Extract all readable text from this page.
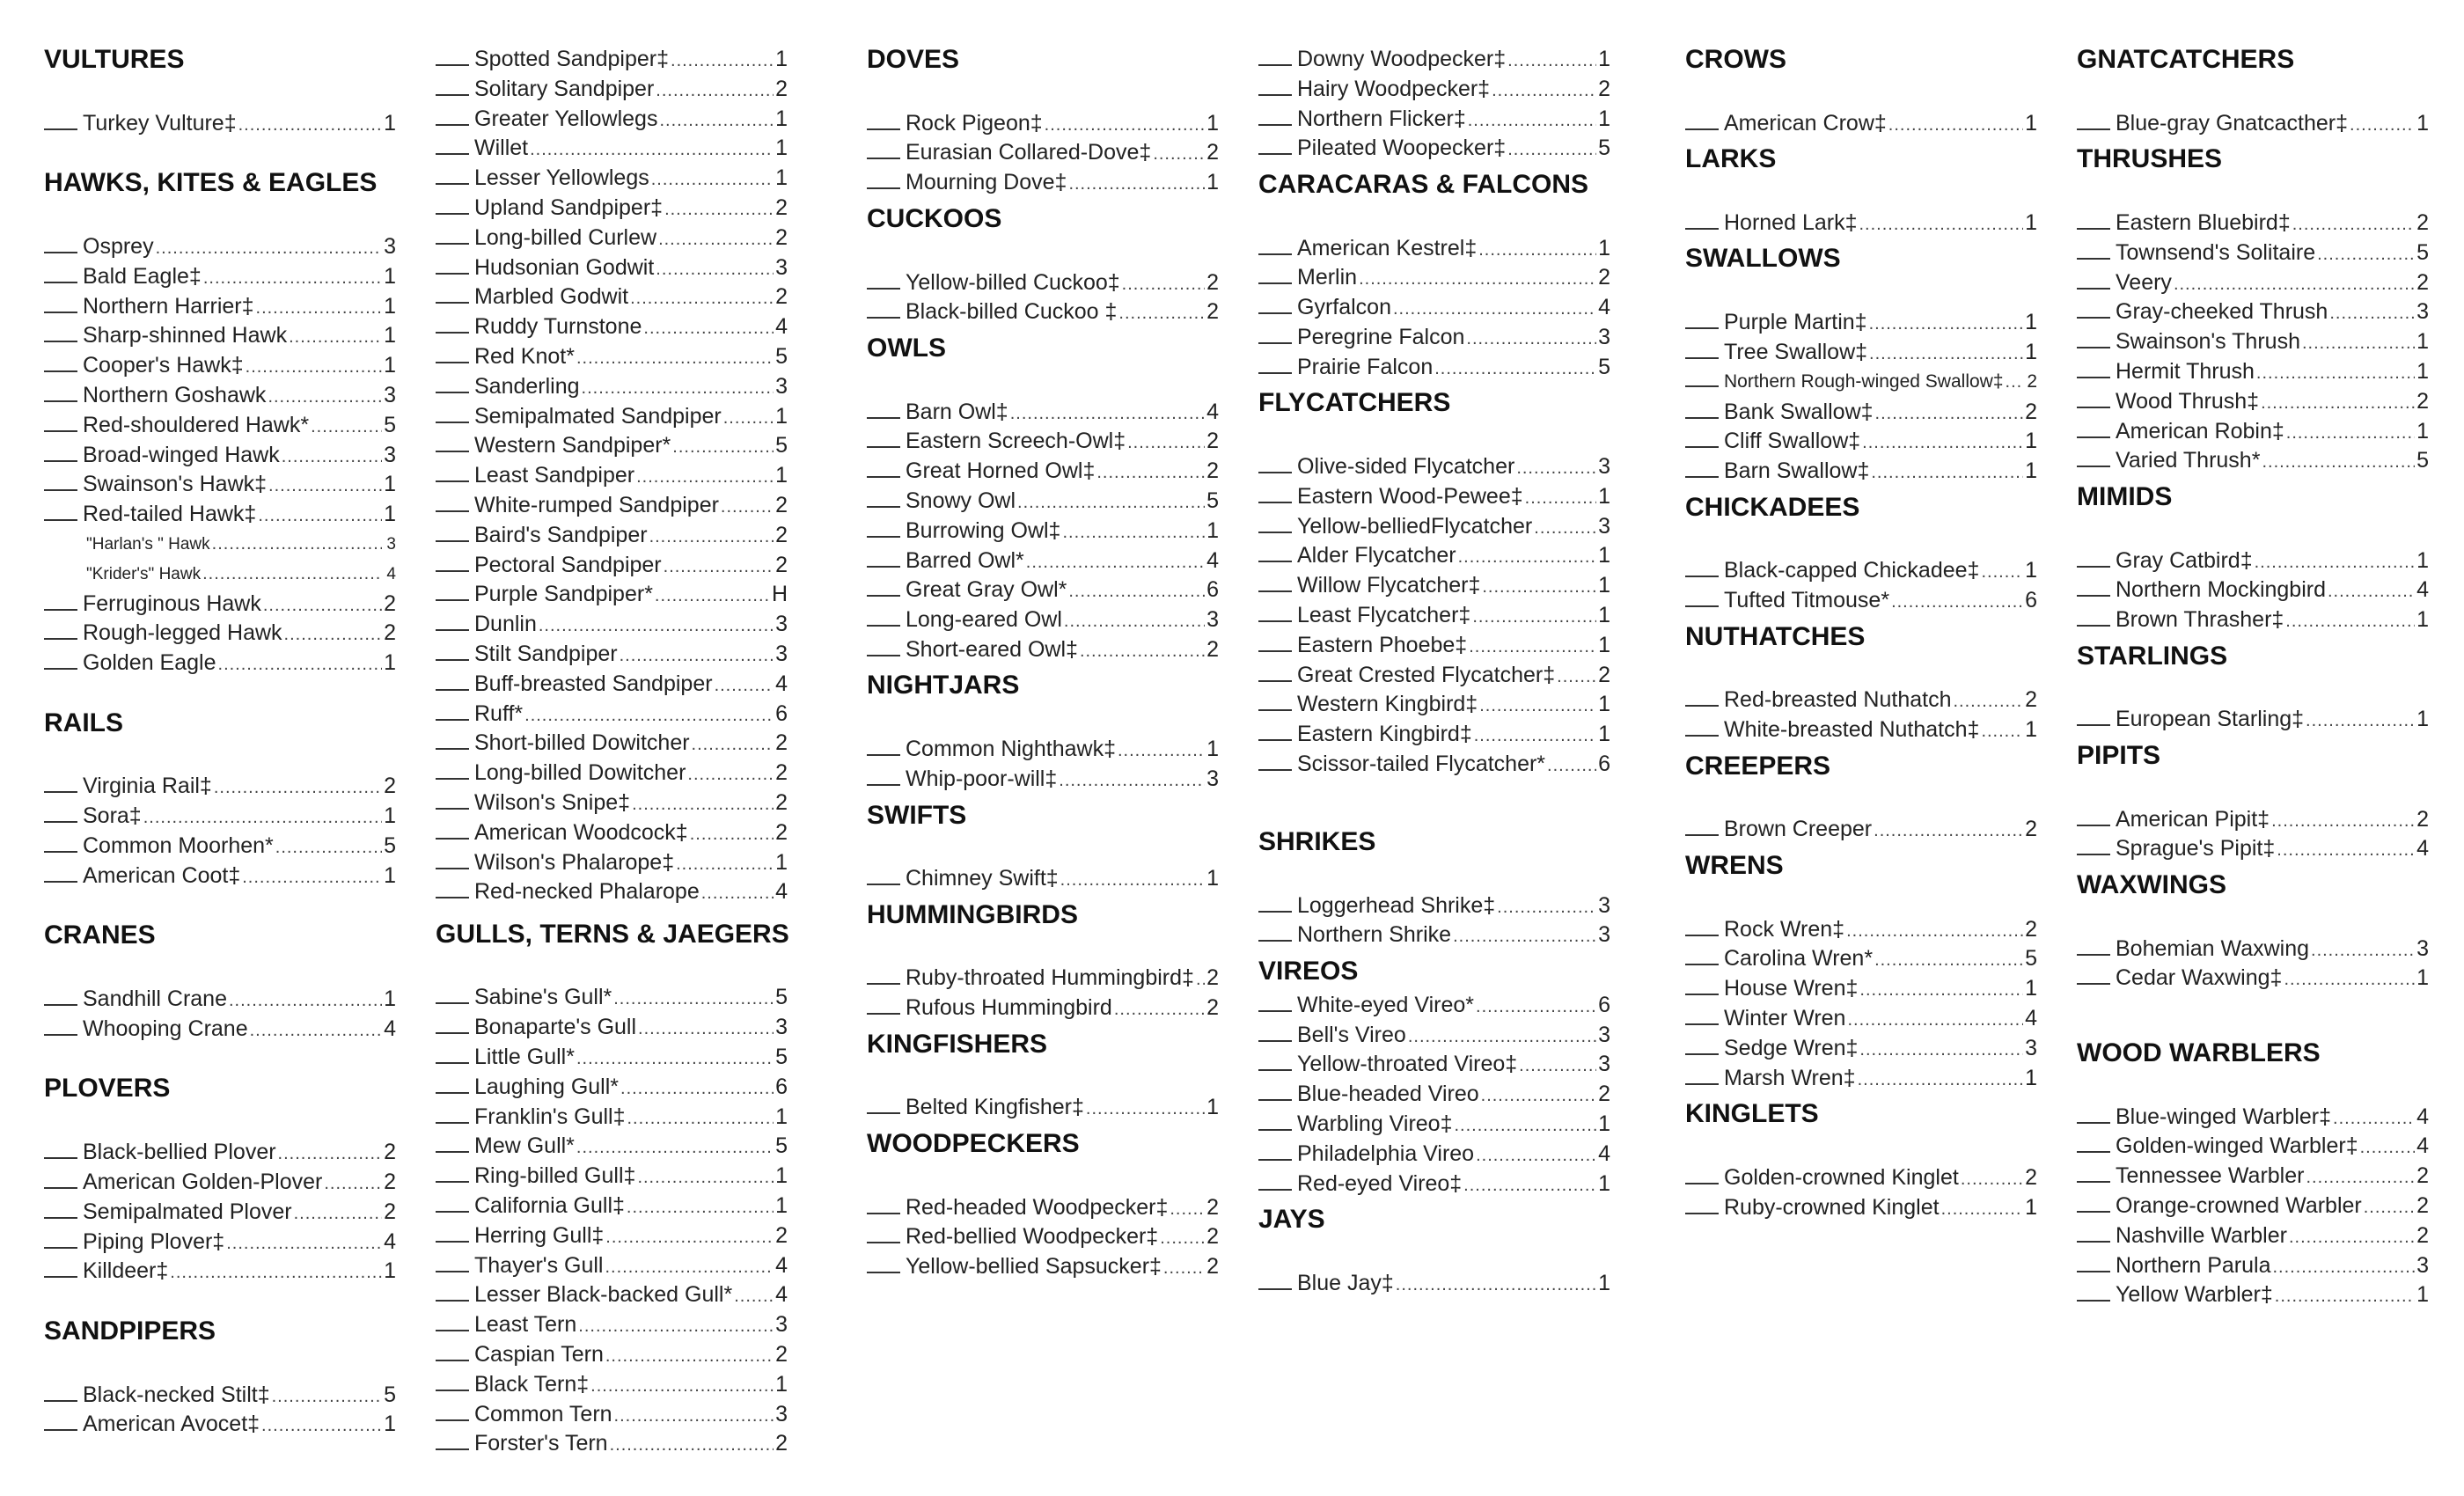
VULTURES
Turkey Vulture‡ .....	1
HAWKS, KITES & EAGLES
Osprey .....	3
Bald Eagle‡ .....	1
Northern Harrier‡ .....	1
Sharp-shinned Hawk .....	1
Cooper's Hawk‡ .....	1
Northern Goshawk .....	3
Red-shouldered Hawk* .....	5
Broad-winged Hawk .....	3
Swainson's Hawk‡ .....	1
Red-tailed Hawk‡ .....	1
"Harlan's " Hawk .....	3
"Krider's" Hawk .....	4
Ferruginous Hawk .....	2
Rough-legged Hawk .....	2
Golden Eagle .....	1
RAILS
Virginia Rail‡ .....	2
Sora‡ .....	1
Common Moorhen* .....	5
American Coot‡ .....	1
CRANES
Sandhill Crane .....	1
Whooping Crane .....	4
PLOVERS
Black-bellied Plover .....	2
American Golden-Plover .....	2
Semipalmated Plover .....	2
Piping Plover‡ .....	4
Killdeer‡ .....	1
SANDPIPERS
Black-necked Stilt‡ .....	5
American Avocet‡ .....	1
Spotted Sandpiper‡ .....	1
Solitary Sandpiper .....	2
Greater Yellowlegs .....	1
Willet .....	1
Lesser Yellowlegs .....	1
Upland Sandpiper‡ .....	2
Long-billed Curlew .....	2
Hudsonian Godwit .....	3
Marbled Godwit .....	2
Ruddy Turnstone .....	4
Red Knot* .....	5
Sanderling .....	3
Semipalmated Sandpiper ..... 1
Western Sandpiper* .....	5
Least Sandpiper .....	1
White-rumped Sandpiper .....	2
Baird's Sandpiper .....	2
Pectoral Sandpiper .....	2
Purple Sandpiper* .....	H
Dunlin .....	3
Stilt Sandpiper .....	3
Buff-breasted Sandpiper .....	4
Ruff* .....	6
Short-billed Dowitcher .....	2
Long-billed Dowitcher .....	2
Wilson's Snipe‡ .....	2
American Woodcock‡ .....	2
Wilson's Phalarope‡ .....	1
Red-necked Phalarope .....	4
GULLS, TERNS & JAEGERS
Sabine's Gull* .....	5
Bonaparte's Gull .....	3
Little Gull* .....	5
Laughing Gull* .....	6
Franklin's Gull‡ .....	1
Mew Gull* .....	5
Ring-billed Gull‡ .....	1
California Gull‡ .....	1
Herring Gull‡ .....	2
Thayer's Gull .....	4
Lesser Black-backed Gull* ..... 4
Least Tern .....	3
Caspian Tern .....	2
Black Tern‡ .....	1
Common Tern .....	3
Forster's Tern .....	2
DOVES
Rock Pigeon‡ .....	1
Eurasian Collared-Dove‡ .....	2
Mourning Dove‡ .....	1
CUCKOOS
Yellow-billed Cuckoo‡ .....	2
Black-billed Cuckoo ‡ .....	2
OWLS
Barn Owl‡ .....	4
Eastern Screech-Owl‡ .....	2
Great Horned Owl‡ .....	2
Snowy Owl .....	5
Burrowing Owl‡ .....	1
Barred Owl* .....	4
Great Gray Owl* .....	6
Long-eared Owl .....	3
Short-eared Owl‡ .....	2
NIGHTJARS
Common Nighthawk‡ .....	1
Whip-poor-will‡ .....	3
SWIFTS
Chimney Swift‡ .....	1
HUMMINGBIRDS
Ruby-throated Hummingbird‡ ..... 2
Rufous Hummingbird .....	2
KINGFISHERS
Belted Kingfisher‡ .....	1
WOODPECKERS
Red-headed Woodpecker‡ ..... 2
Red-bellied Woodpecker‡ ..... 2
Yellow-bellied Sapsucker‡ ..... 2
Downy Woodpecker‡ .....	1
Hairy Woodpecker‡ .....	2
Northern Flicker‡ .....	1
Pileated Woopecker‡ .....	5
CARACARAS & FALCONS
American Kestrel‡ .....	1
Merlin .....	2
Gyrfalcon .....	4
Peregrine Falcon .....	3
Prairie Falcon .....	5
FLYCATCHERS
Olive-sided Flycatcher .....	3
Eastern Wood-Pewee‡ .....	1
Yellow-belliedFlycatcher .....	3
Alder Flycatcher .....	1
Willow Flycatcher‡ .....	1
Least Flycatcher‡ .....	1
Eastern Phoebe‡ .....	1
Great Crested Flycatcher‡ ..... 2
Western Kingbird‡ .....	1
Eastern Kingbird‡ .....	1
Scissor-tailed Flycatcher* ..... 6
SHRIKES
Loggerhead Shrike‡ .....	3
Northern Shrike .....	3
VIREOS
White-eyed Vireo* .....	6
Bell's Vireo .....	3
Yellow-throated Vireo‡ .....	3
Blue-headed Vireo .....	2
Warbling Vireo‡ .....	1
Philadelphia Vireo .....	4
Red-eyed Vireo‡ .....	1
JAYS
Blue Jay‡ .....	1
CROWS
American Crow‡ .....	1
LARKS
Horned Lark‡ .....	1
SWALLOWS
Purple Martin‡ .....	1
Tree Swallow‡ .....	1
Northern Rough-winged Swallow‡ ..... 2
Bank Swallow‡ .....	2
Cliff Swallow‡ .....	1
Barn Swallow‡ .....	1
CHICKADEES
Black-capped Chickadee‡ ..... 1
Tufted Titmouse* .....	6
NUTHATCHES
Red-breasted Nuthatch .....	2
White-breasted Nuthatch‡ ..... 1
CREEPERS
Brown Creeper .....	2
WRENS
Rock Wren‡ .....	2
Carolina Wren* .....	5
House Wren‡ .....	1
Winter Wren .....	4
Sedge Wren‡ .....	3
Marsh Wren‡ .....	1
KINGLETS
Golden-crowned Kinglet .....	2
Ruby-crowned Kinglet .....	1
GNATCATCHERS
Blue-gray Gnatcacther‡ .....	1
THRUSHES
Eastern Bluebird‡ .....	2
Townsend's Solitaire .....	5
Veery .....	2
Gray-cheeked Thrush .....	3
Swainson's Thrush .....	1
Hermit Thrush .....	1
Wood Thrush‡ .....	2
American Robin‡ .....	1
Varied Thrush* .....	5
MIMIDS
Gray Catbird‡ .....	1
Northern Mockingbird .....	4
Brown Thrasher‡ .....	1
STARLINGS
European Starling‡ .....	1
PIPITS
American Pipit‡ .....	2
Sprague's Pipit‡ .....	4
WAXWINGS
Bohemian Waxwing .....	3
Cedar Waxwing‡ .....	1
WOOD WARBLERS
Blue-winged Warbler‡ .....	4
Golden-winged Warbler‡ .....	4
Tennessee Warbler .....	2
Orange-crowned Warbler ..... 2
Nashville Warbler .....	2
Northern Parula .....	3
Yellow Warbler‡ .....	1
